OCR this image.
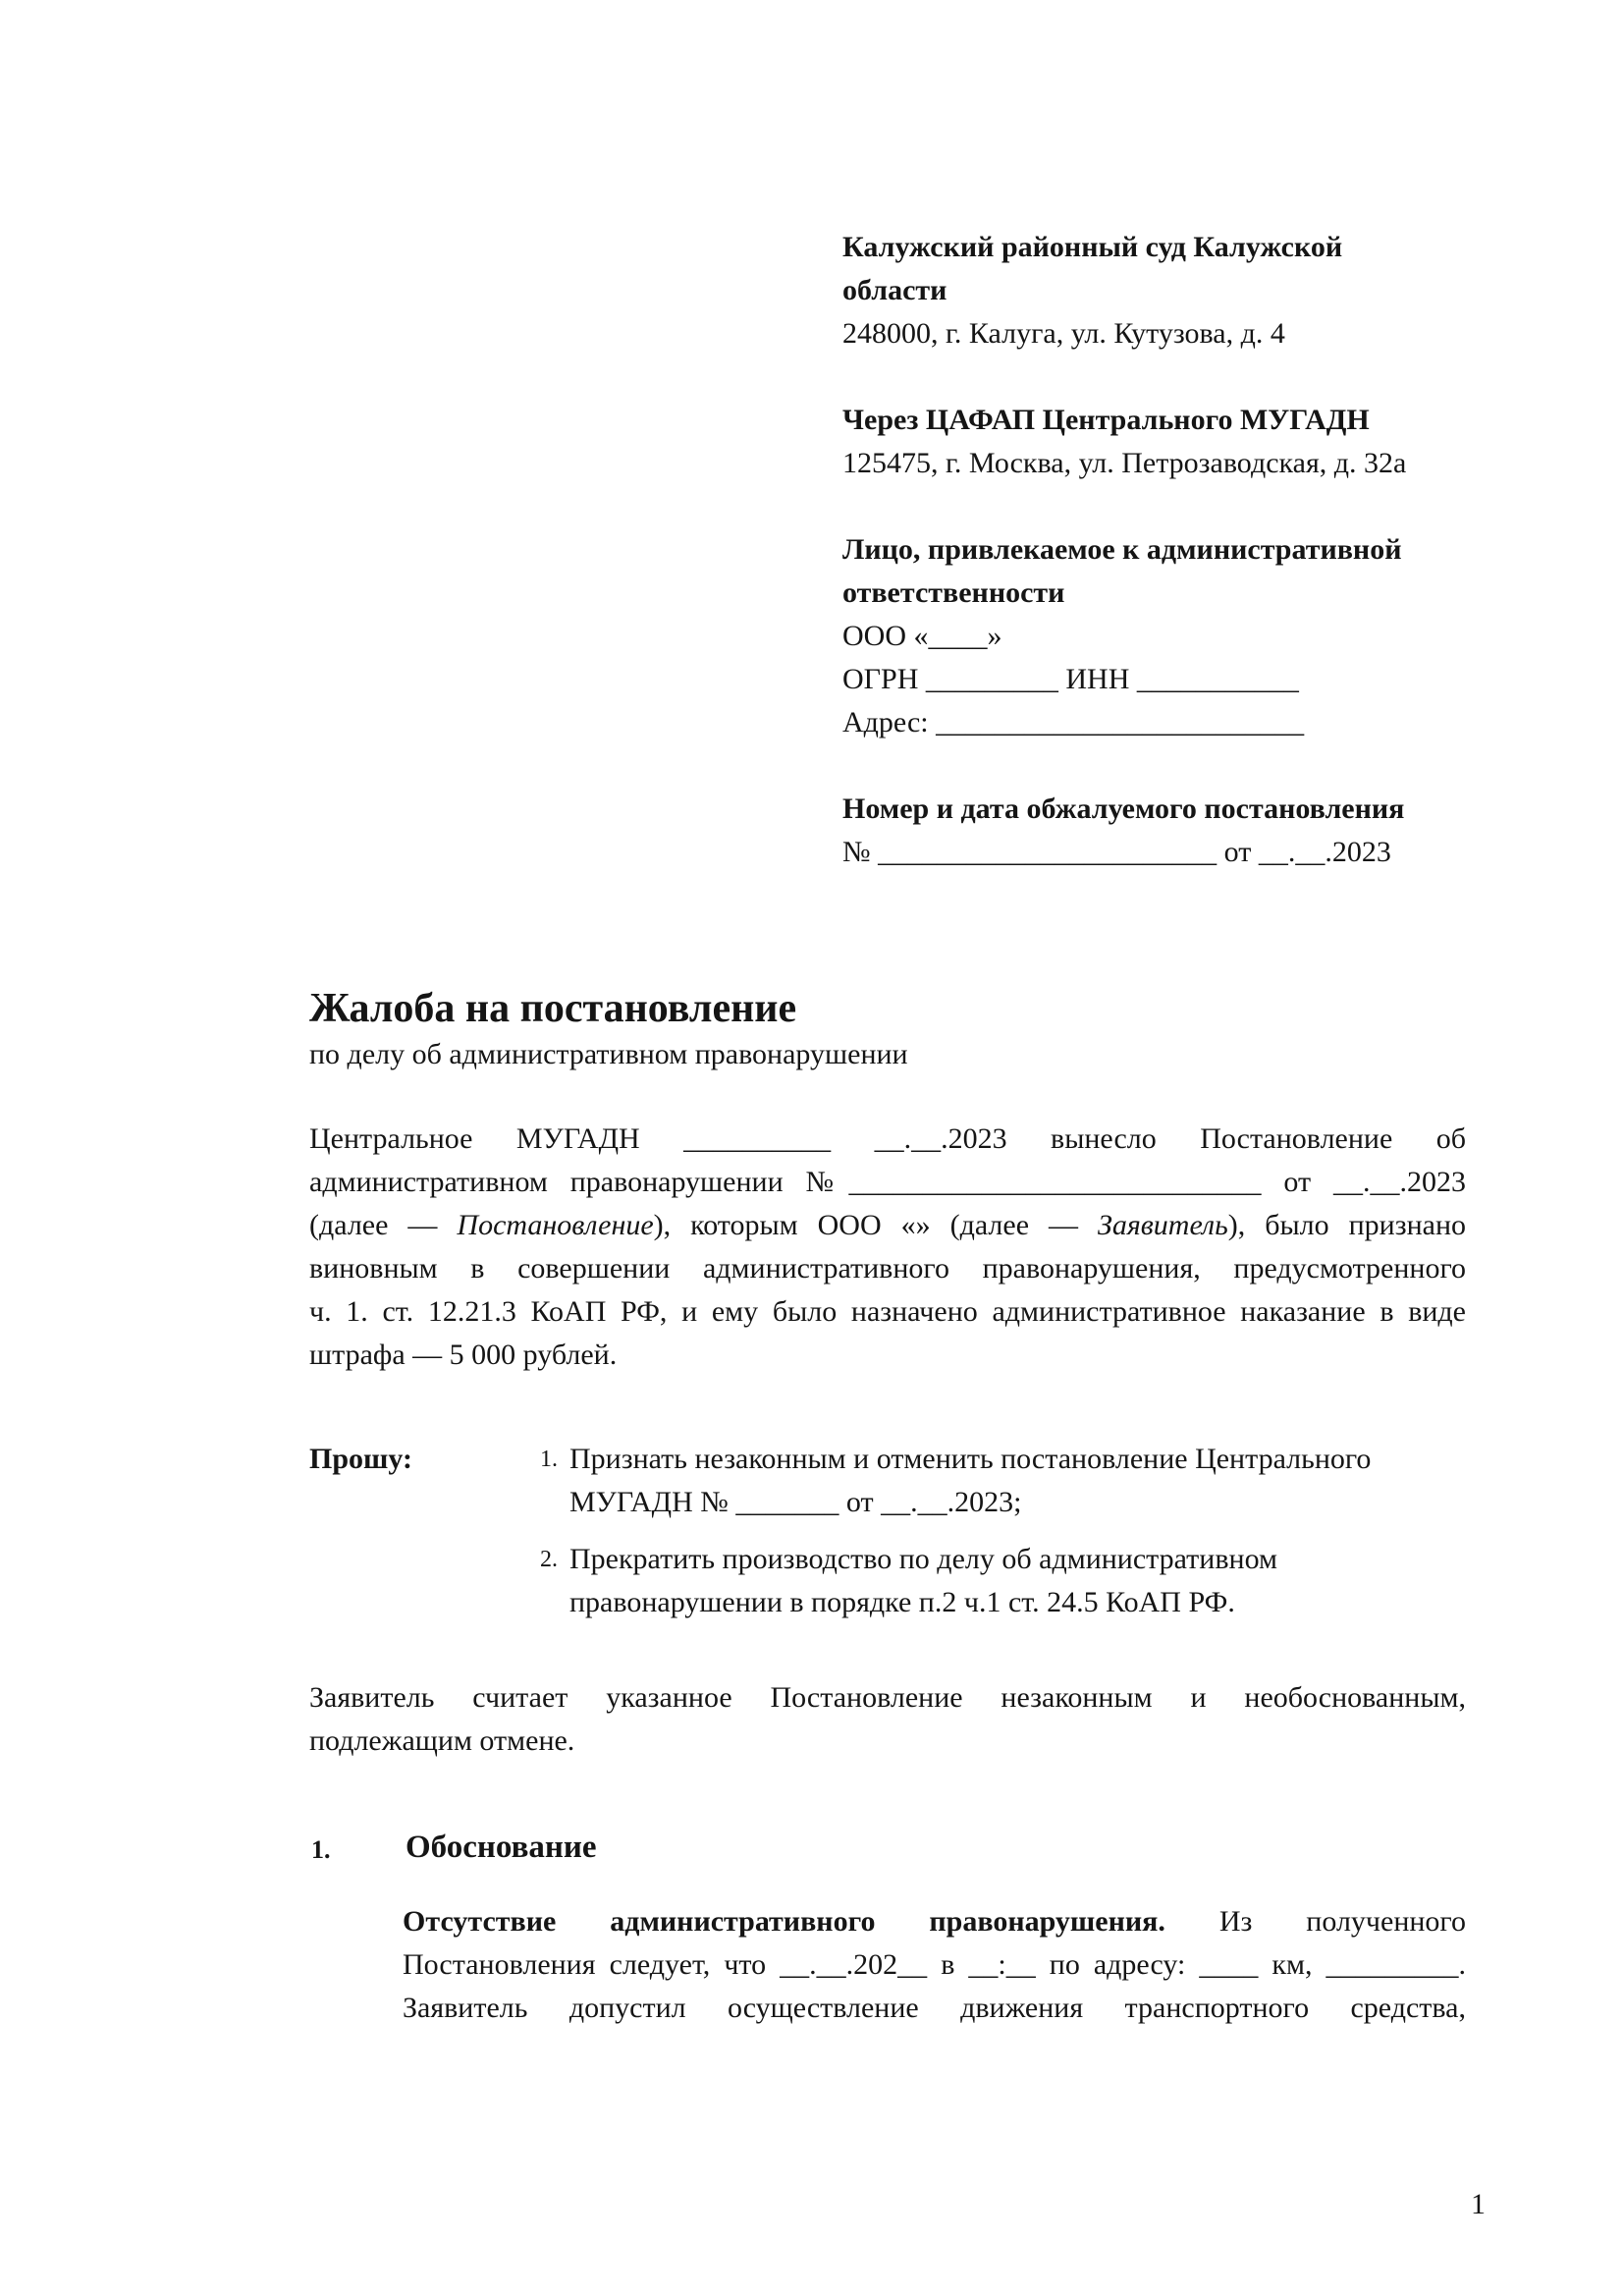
Калужский районный суд Калужской
области
248000, г. Калуга, ул. Кутузова, д. 4
Через ЦАФАП Центрального МУГАДН
125475, г. Москва, ул. Петрозаводская, д. 32а
Лицо, привлекаемое к административной
ответственности
ООО «____»
ОГРН _________ ИНН ___________
Адрес: _________________________
Номер и дата обжалуемого постановления
№ _______________________ от __.__.2023
Жалоба на постановление
по делу об административном правонарушении
Центральное МУГАДН __________ __.__.2023 вынесло Постановление об
административном правонарушении №____________________________ от __.__.2023
(далее — Постановление), которым ООО «» (далее — Заявитель), было признано
виновным в совершении административного правонарушения, предусмотренного
ч. 1. ст. 12.21.3 КоАП РФ, и ему было назначено административное наказание в виде
штрафа — 5 000 рублей.
Прошу:	1. Признать незаконным и отменить постановление Центрального
МУГАДН № _______ от __.__.2023;
2. Прекратить производство по делу об административном
правонарушении в порядке п.2 ч.1 ст. 24.5 КоАП РФ.
Заявитель считает указанное Постановление незаконным и необоснованным,
подлежащим отмене.
1. Обоснование
Отсутствие административного правонарушения. Из полученного
Постановления следует, что __.__.202__ в __:__ по адресу: ____ км, _________.
Заявитель допустил осуществление движения транспортного средства,
1
